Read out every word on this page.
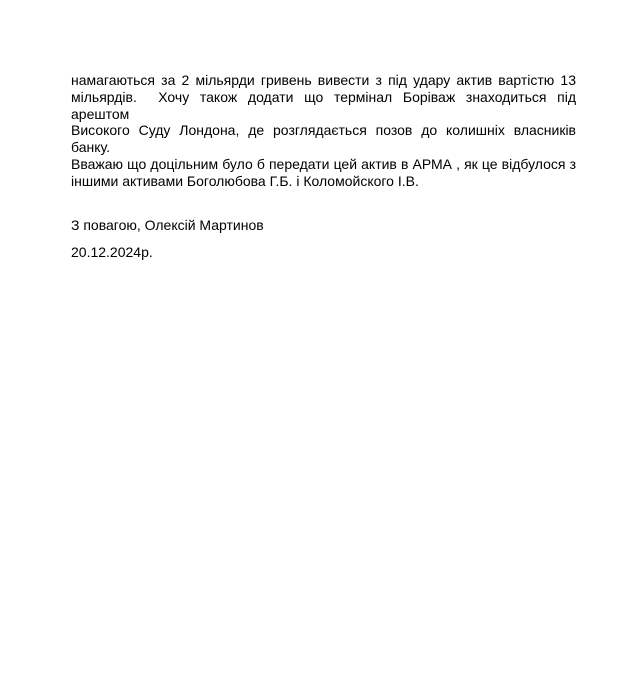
намагаються за 2 мільярди гривень вивести з під удару актив вартістю 13
мільярдів.  Хочу також додати що термінал Боріваж знаходиться під арештом
Високого Суду Лондона, де розглядається позов до колишніх власників банку.
Вважаю що доцільним було б передати цей актив в АРМА , як це відбулося з
іншими активами Боголюбова Г.Б. і Коломойского І.В.

З повагою, Олексій Мартинов

20.12.2024р.
